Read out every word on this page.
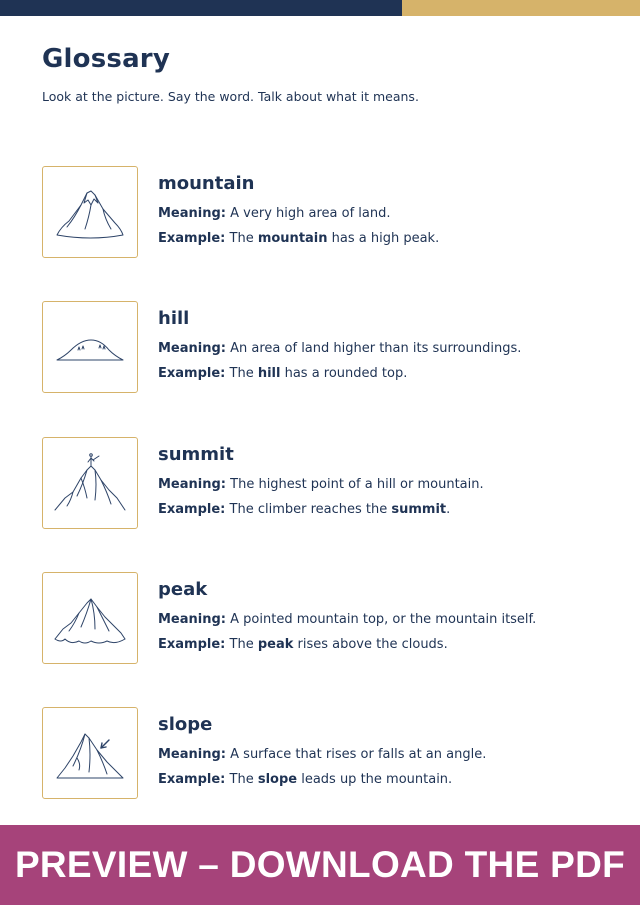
Glossary

Look at the picture. Say the word. Talk about what it means.

mountain
Meaning: A very high area of land.
Example: The mountain has a high peak.
hill
Meaning: An area of land higher than its surroundings.
Example: The hill has a rounded top.
summit
Meaning: The highest point of a hill or mountain.
Example: The climber reaches the summit.
peak
Meaning: A pointed mountain top, or the mountain itself.
Example: The peak rises above the clouds.
slope
Meaning: A surface that rises or falls at an angle.
Example: The slope leads up the mountain.
PREVIEW – DOWNLOAD THE PDF
